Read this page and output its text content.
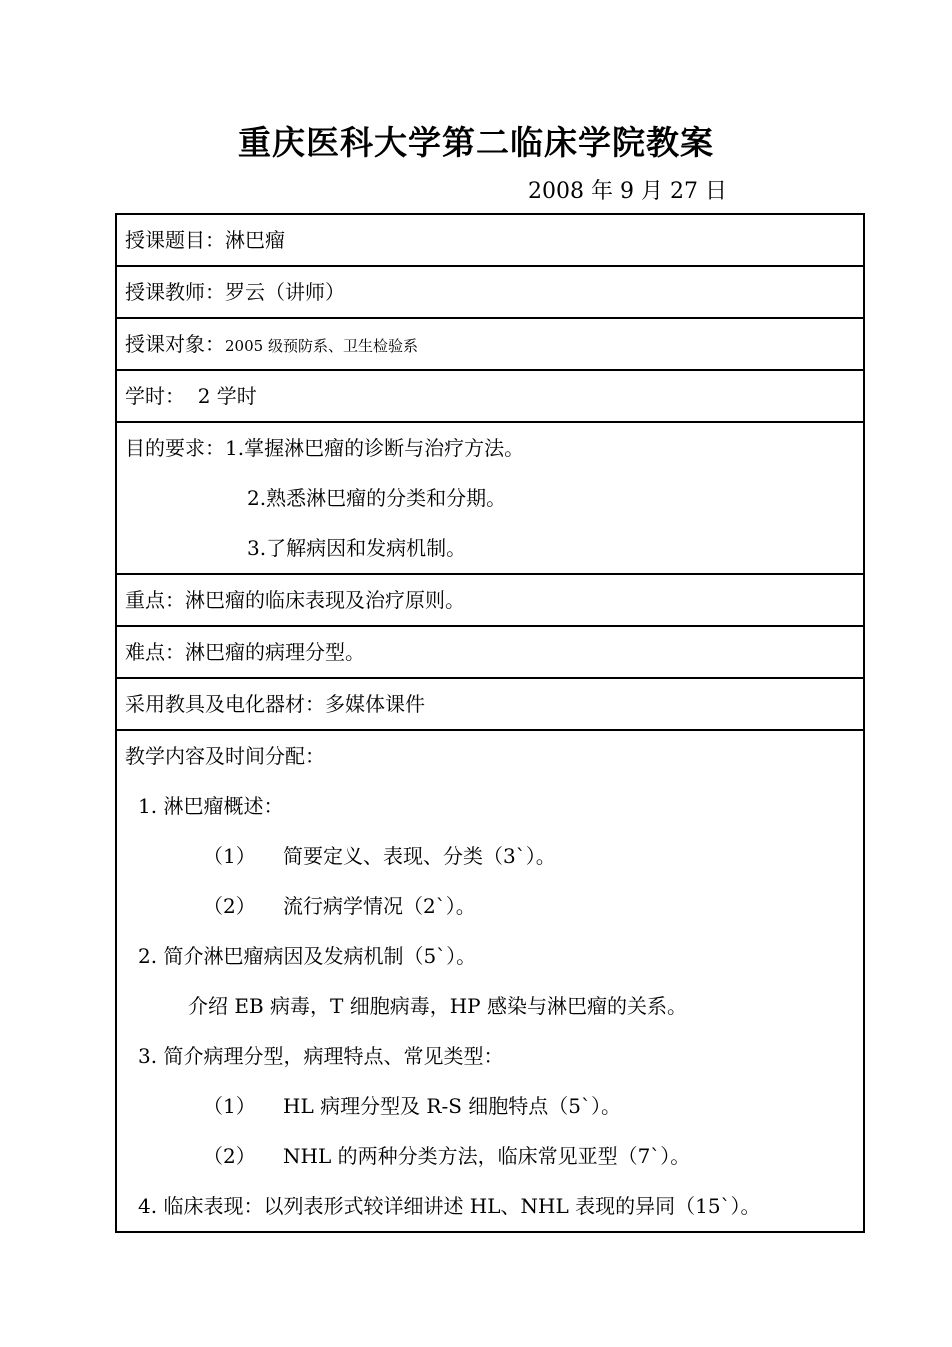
重庆医科大学第二临床学院教案
2008 年 9 月 27 日
授课题目：淋巴瘤
授课教师：罗云（讲师）
授课对象：2005 级预防系、卫生检验系
学时：  2 学时
目的要求：1.掌握淋巴瘤的诊断与治疗方法。
2.熟悉淋巴瘤的分类和分期。
3.了解病因和发病机制。
重点：淋巴瘤的临床表现及治疗原则。
难点：淋巴瘤的病理分型。
采用教具及电化器材：多媒体课件
教学内容及时间分配：
1. 淋巴瘤概述：
（1） 简要定义、表现、分类（3`）。
（2） 流行病学情况（2`）。
2. 简介淋巴瘤病因及发病机制（5`）。
介绍 EB 病毒，T 细胞病毒，HP 感染与淋巴瘤的关系。
3. 简介病理分型，病理特点、常见类型：
（1） HL 病理分型及 R-S 细胞特点（5`）。
（2） NHL 的两种分类方法，临床常见亚型（7`）。
4. 临床表现：以列表形式较详细讲述 HL、NHL 表现的异同（15`）。
